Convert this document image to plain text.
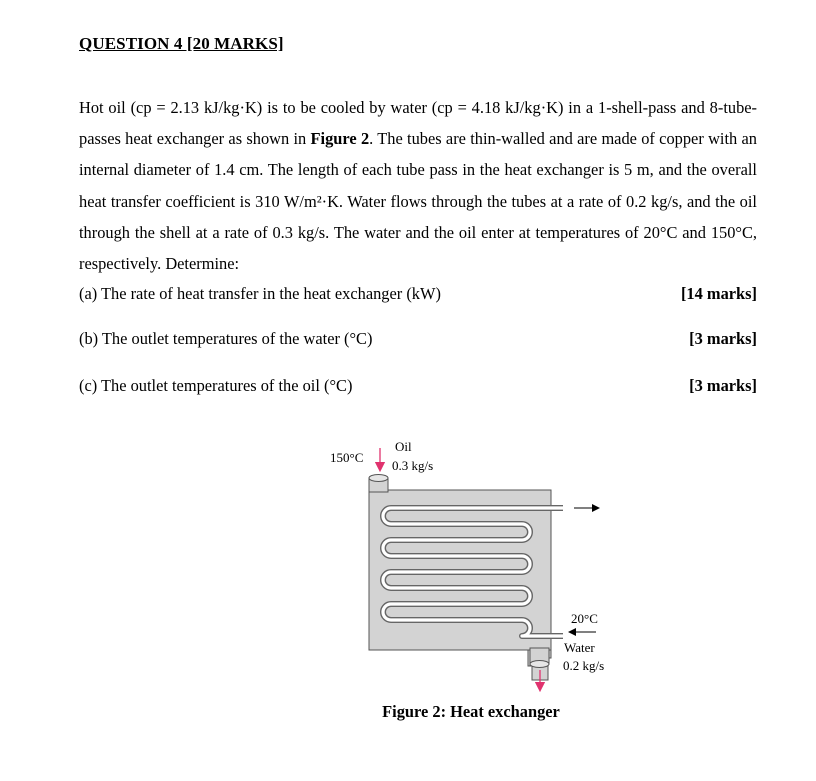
QUESTION 4 [20 MARKS]
Hot oil (cp = 2.13 kJ/kg·K) is to be cooled by water (cp = 4.18 kJ/kg·K) in a 1-shell-pass and 8-tube-passes heat exchanger as shown in Figure 2. The tubes are thin-walled and are made of copper with an internal diameter of 1.4 cm. The length of each tube pass in the heat exchanger is 5 m, and the overall heat transfer coefficient is 310 W/m²·K. Water flows through the tubes at a rate of 0.2 kg/s, and the oil through the shell at a rate of 0.3 kg/s. The water and the oil enter at temperatures of 20°C and 150°C, respectively. Determine:
(a) The rate of heat transfer in the heat exchanger (kW)	[14 marks]
(b) The outlet temperatures of the water (°C)	[3 marks]
(c) The outlet temperatures of the oil (°C)	[3 marks]
150°C
Oil
0.3 kg/s
20°C
Water
0.2 kg/s
Figure 2: Heat exchanger
